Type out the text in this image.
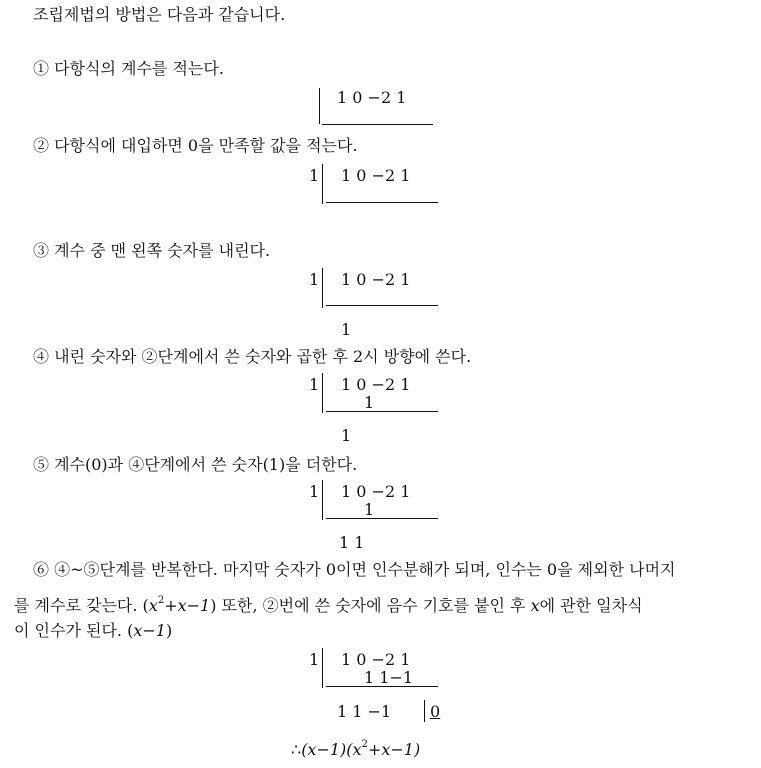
조립제법의 방법은 다음과 같습니다.
① 다항식의 계수를 적는다.
1 0 −2 1
② 다항식에 대입하면 0을 만족할 값을 적는다.
1 1 0 −2 1
③ 계수 중 맨 왼쪽 숫자를 내린다.
1 1 0 −2 1
1
④ 내린 숫자와 ②단계에서 쓴 숫자와 곱한 후 2시 방향에 쓴다.
1 1 0 −2 1
1
1
⑤ 계수(0)과 ④단계에서 쓴 숫자(1)을 더한다.
1 1 0 −2 1
1
1 1
⑥ ④~⑤단계를 반복한다. 마지막 숫자가 0이면 인수분해가 되며, 인수는 0을 제외한 나머지
를 계수로 갖는다. $(x^2+x-1)$ 또한, ②번에 쓴 숫자에 음수 기호를 붙인 후 x에 관한 일차식
이 인수가 된다. (x−1)
1 1 0 −2 1
1 1−1
1 1 −1 0
$\therefore(x-1)(x^2+x-1)$
